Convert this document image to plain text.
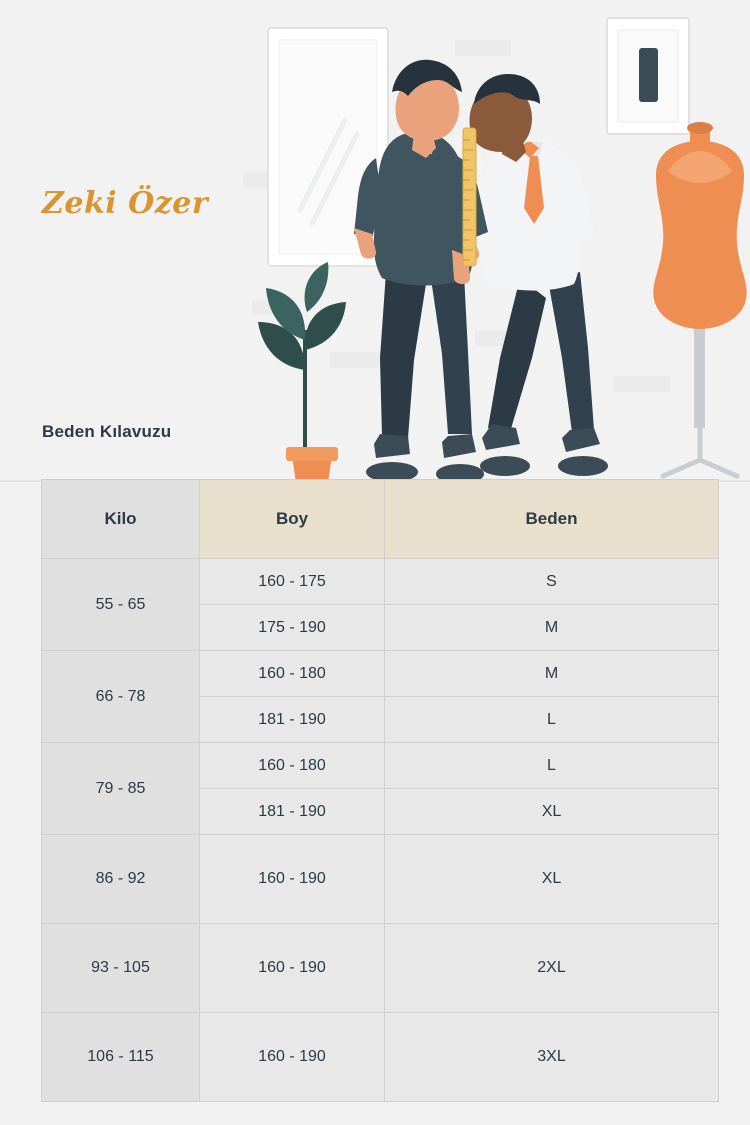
Zeki Özer
Beden Kılavuzu
Kilo	Boy	Beden
55 - 65	160 - 175	S
	175 - 190	M
66 - 78	160 - 180	M
	181 - 190	L
79 - 85	160 - 180	L
	181 - 190	XL
86 - 92	160 - 190	XL
93 - 105	160 - 190	2XL
106 - 115	160 - 190	3XL
